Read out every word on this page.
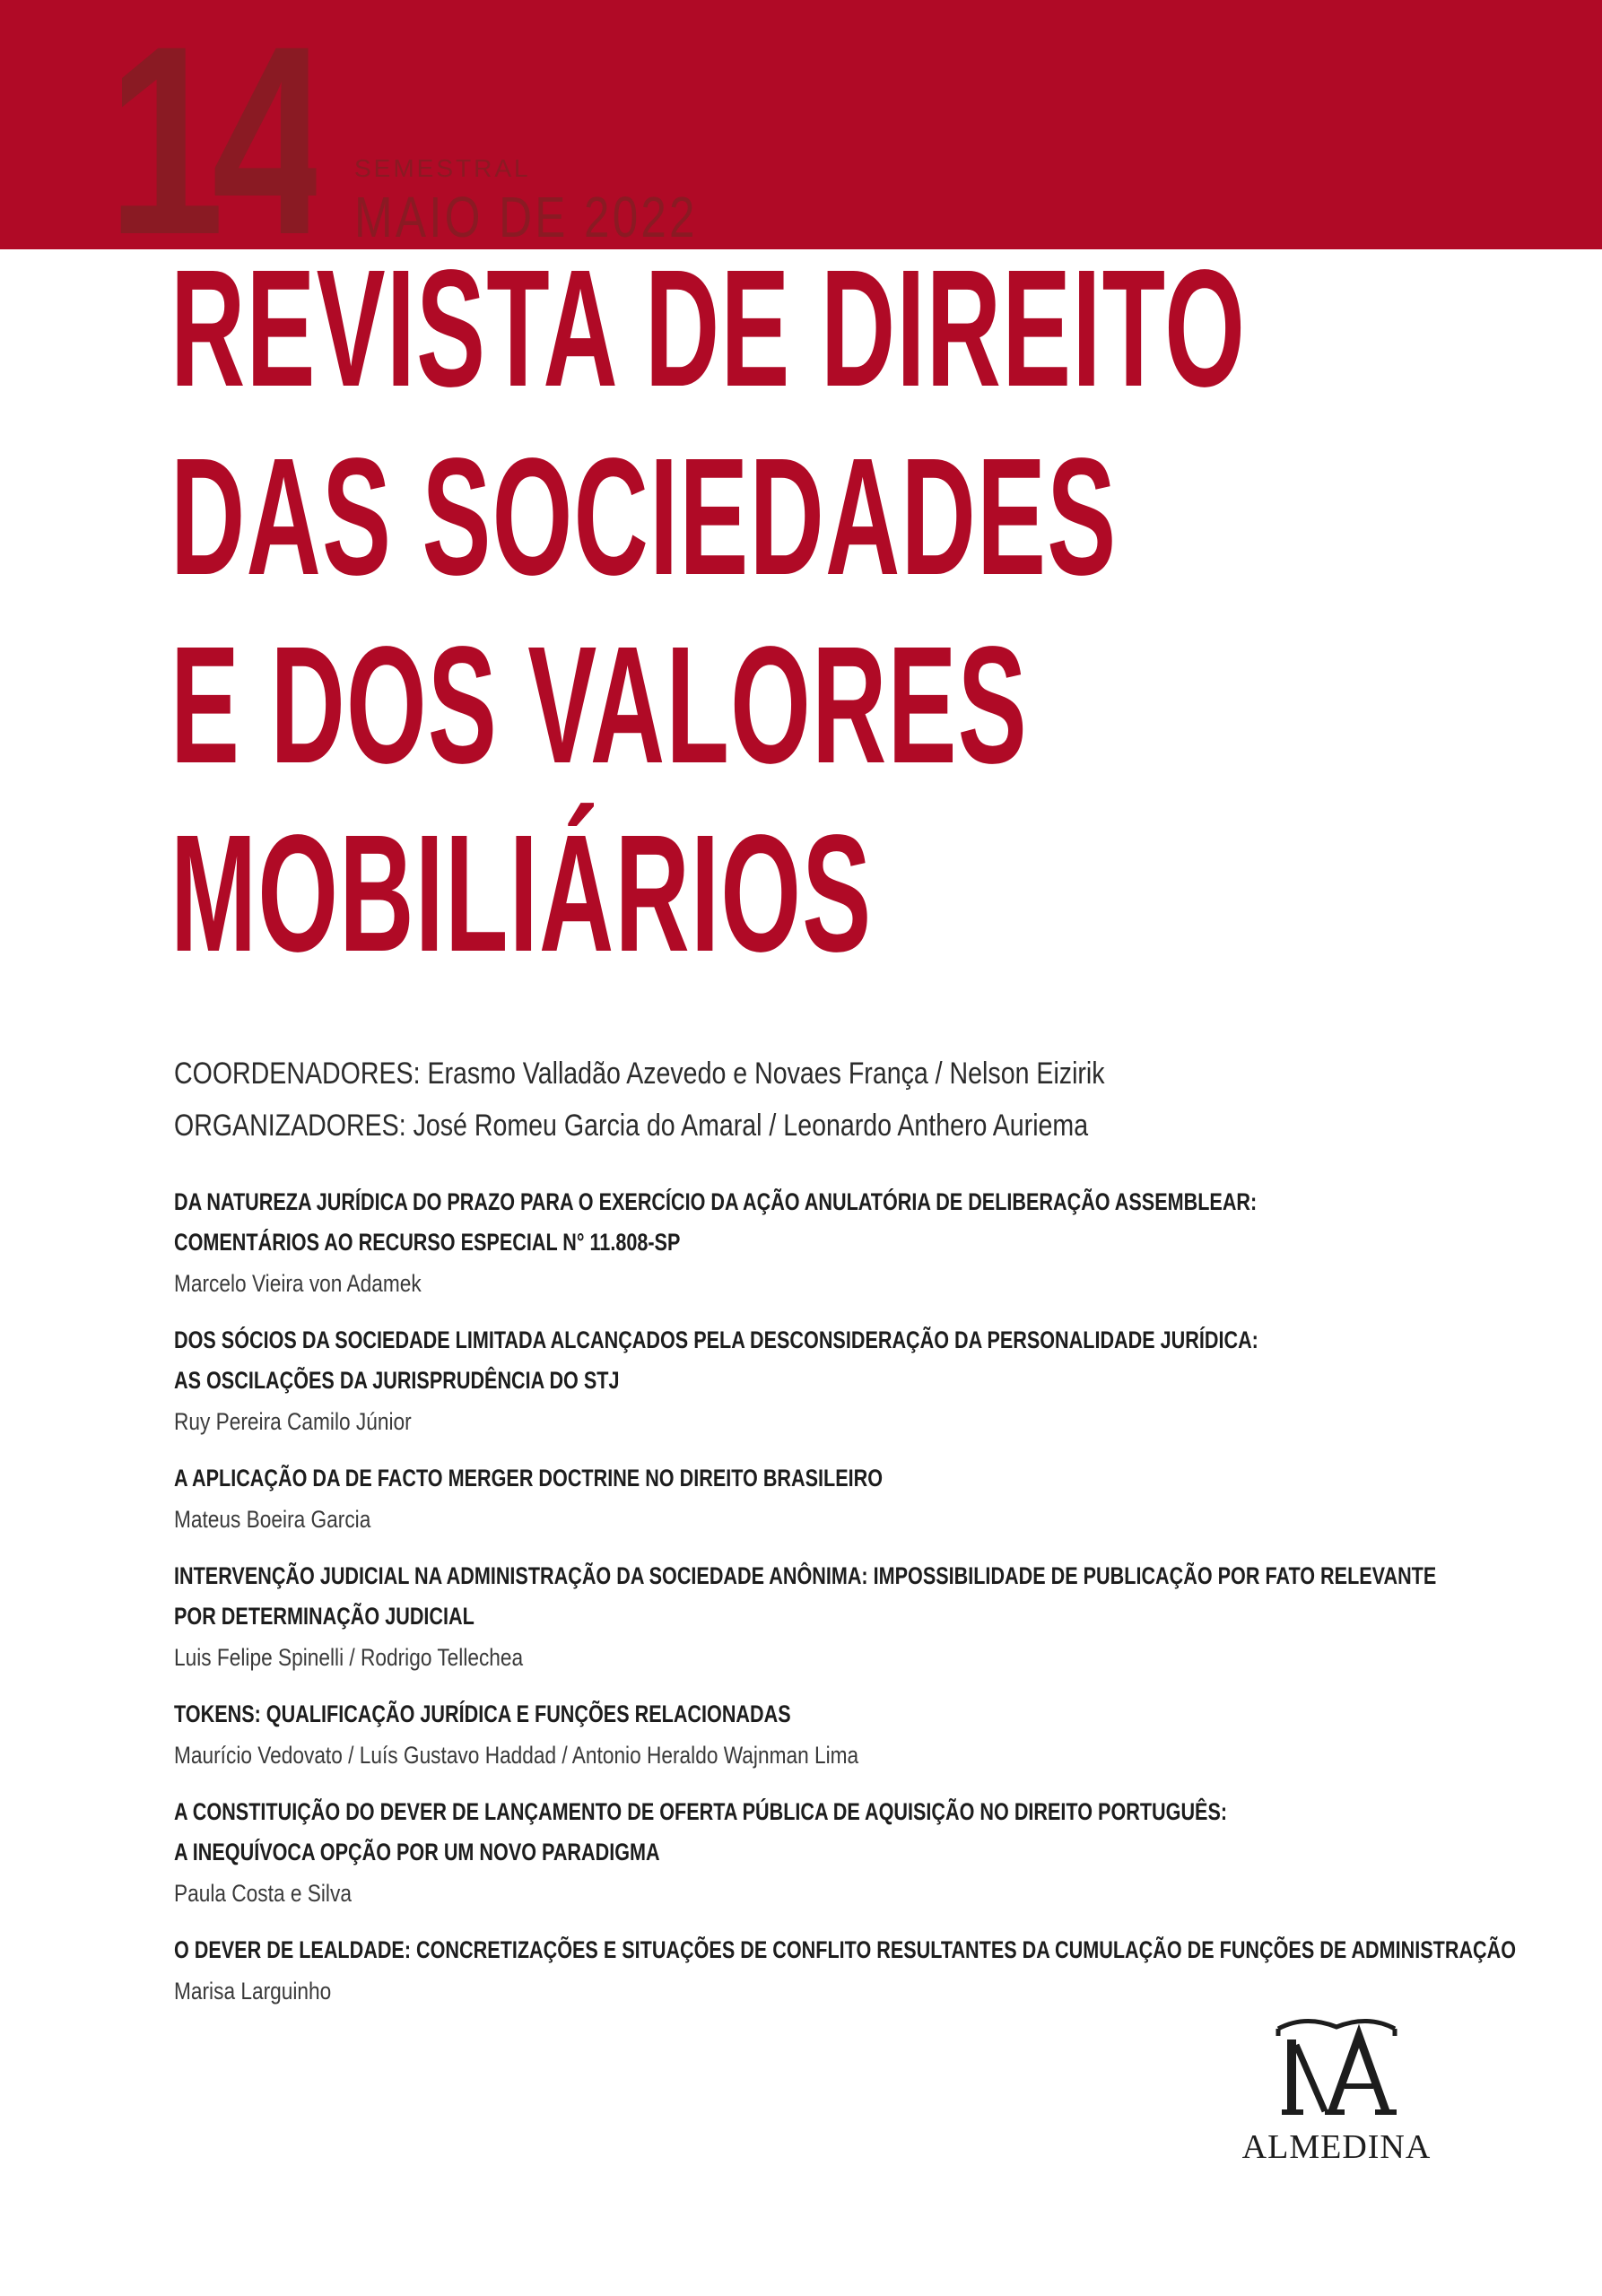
14 SEMESTRAL
MAIO DE 2022
REVISTA DE DIREITO
DAS SOCIEDADES
E DOS VALORES
MOBILIÁRIOS
COORDENADORES: Erasmo Valladão Azevedo e Novaes França / Nelson Eizirik
ORGANIZADORES: José Romeu Garcia do Amaral / Leonardo Anthero Auriema
DA NATUREZA JURÍDICA DO PRAZO PARA O EXERCÍCIO DA AÇÃO ANULATÓRIA DE DELIBERAÇÃO ASSEMBLEAR:
COMENTÁRIOS AO RECURSO ESPECIAL N° 11.808-SP
Marcelo Vieira von Adamek
DOS SÓCIOS DA SOCIEDADE LIMITADA ALCANÇADOS PELA DESCONSIDERAÇÃO DA PERSONALIDADE JURÍDICA:
AS OSCILAÇÕES DA JURISPRUDÊNCIA DO STJ
Ruy Pereira Camilo Júnior
A APLICAÇÃO DA DE FACTO MERGER DOCTRINE NO DIREITO BRASILEIRO
Mateus Boeira Garcia
INTERVENÇÃO JUDICIAL NA ADMINISTRAÇÃO DA SOCIEDADE ANÔNIMA: IMPOSSIBILIDADE DE PUBLICAÇÃO POR FATO RELEVANTE
POR DETERMINAÇÃO JUDICIAL
Luis Felipe Spinelli / Rodrigo Tellechea
TOKENS: QUALIFICAÇÃO JURÍDICA E FUNÇÕES RELACIONADAS
Maurício Vedovato / Luís Gustavo Haddad / Antonio Heraldo Wajnman Lima
A CONSTITUIÇÃO DO DEVER DE LANÇAMENTO DE OFERTA PÚBLICA DE AQUISIÇÃO NO DIREITO PORTUGUÊS:
A INEQUÍVOCA OPÇÃO POR UM NOVO PARADIGMA
Paula Costa e Silva
O DEVER DE LEALDADE: CONCRETIZAÇÕES E SITUAÇÕES DE CONFLITO RESULTANTES DA CUMULAÇÃO DE FUNÇÕES DE ADMINISTRAÇÃO
Marisa Larguinho
ALMEDINA
